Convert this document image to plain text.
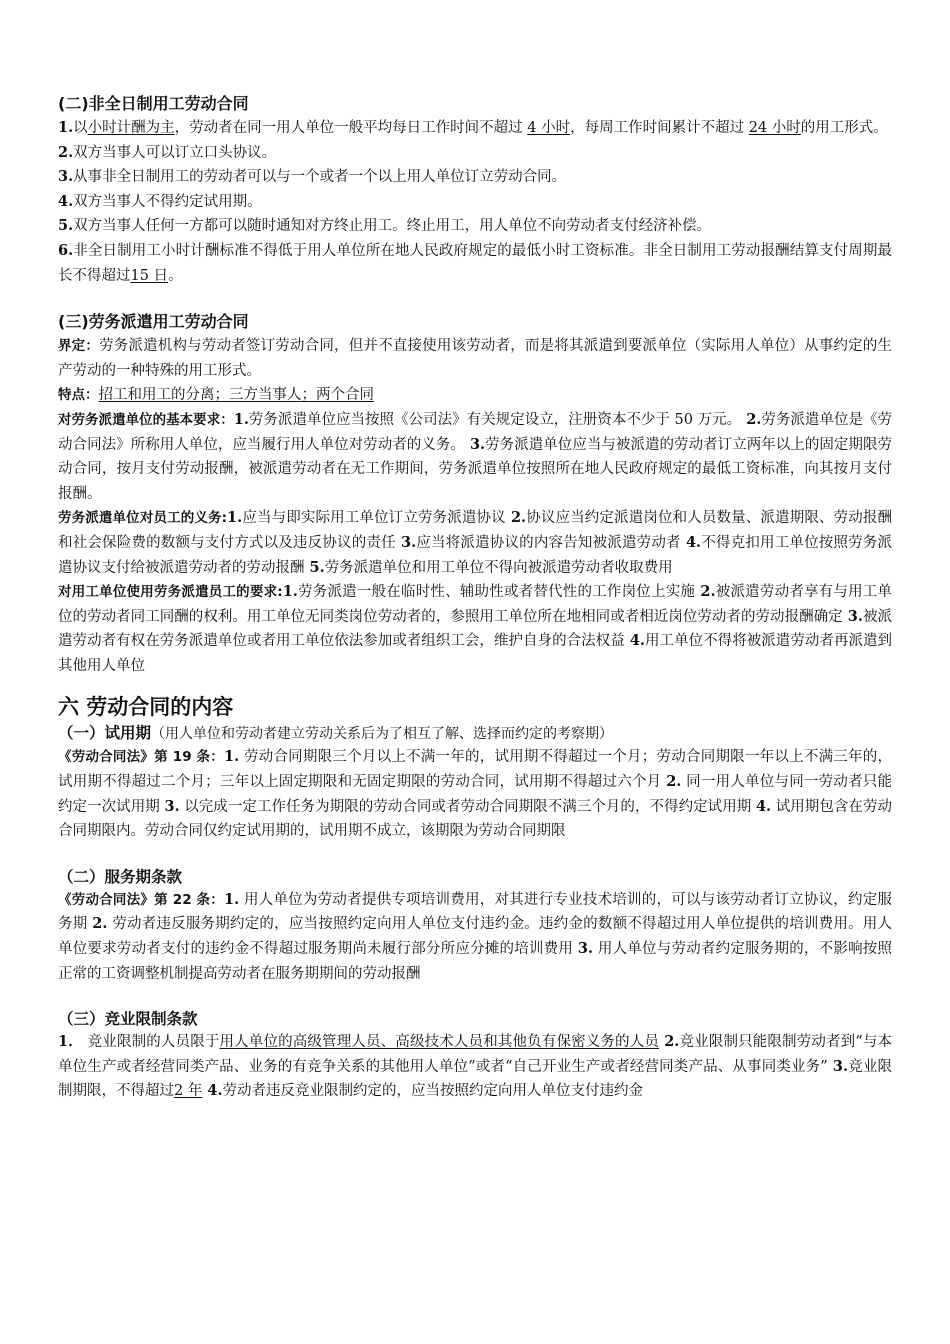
(二)非全日制用工劳动合同

1.以小时计酬为主，劳动者在同一用人单位一般平均每日工作时间不超过 4 小时，每周工作时间累计不超过 24 小时的用工形式。

2.双方当事人可以订立口头协议。

3.从事非全日制用工的劳动者可以与一个或者一个以上用人单位订立劳动合同。

4.双方当事人不得约定试用期。

5.双方当事人任何一方都可以随时通知对方终止用工。终止用工，用人单位不向劳动者支付经济补偿。

6.非全日制用工小时计酬标准不得低于用人单位所在地人民政府规定的最低小时工资标准。非全日制用工劳动报酬结算支付周期最长不得超过15 日。

(三)劳务派遣用工劳动合同

界定：劳务派遣机构与劳动者签订劳动合同，但并不直接使用该劳动者，而是将其派遣到要派单位（实际用人单位）从事约定的生产劳动的一种特殊的用工形式。

特点：招工和用工的分离；三方当事人；两个合同

对劳务派遣单位的基本要求：1.劳务派遣单位应当按照《公司法》有关规定设立，注册资本不少于 50 万元。 2.劳务派遣单位是《劳动合同法》所称用人单位，应当履行用人单位对劳动者的义务。 3.劳务派遣单位应当与被派遣的劳动者订立两年以上的固定期限劳动合同，按月支付劳动报酬，被派遣劳动者在无工作期间，劳务派遣单位按照所在地人民政府规定的最低工资标准，向其按月支付报酬。

劳务派遣单位对员工的义务:1.应当与即实际用工单位订立劳务派遣协议 2.协议应当约定派遣岗位和人员数量、派遣期限、劳动报酬和社会保险费的数额与支付方式以及违反协议的责任 3.应当将派遣协议的内容告知被派遣劳动者 4.不得克扣用工单位按照劳务派遣协议支付给被派遣劳动者的劳动报酬 5.劳务派遣单位和用工单位不得向被派遣劳动者收取费用

对用工单位使用劳务派遣员工的要求:1.劳务派遣一般在临时性、辅助性或者替代性的工作岗位上实施 2.被派遣劳动者享有与用工单位的劳动者同工同酬的权利。用工单位无同类岗位劳动者的，参照用工单位所在地相同或者相近岗位劳动者的劳动报酬确定 3.被派遣劳动者有权在劳务派遣单位或者用工单位依法参加或者组织工会，维护自身的合法权益 4.用工单位不得将被派遣劳动者再派遣到其他用人单位

六 劳动合同的内容
（一）试用期（用人单位和劳动者建立劳动关系后为了相互了解、选择而约定的考察期）

《劳动合同法》第 19 条：1. 劳动合同期限三个月以上不满一年的，试用期不得超过一个月；劳动合同期限一年以上不满三年的，试用期不得超过二个月；三年以上固定期限和无固定期限的劳动合同，试用期不得超过六个月 2. 同一用人单位与同一劳动者只能约定一次试用期 3. 以完成一定工作任务为期限的劳动合同或者劳动合同期限不满三个月的，不得约定试用期 4. 试用期包含在劳动合同期限内。劳动合同仅约定试用期的，试用期不成立，该期限为劳动合同期限

（二）服务期条款

《劳动合同法》第 22 条：1. 用人单位为劳动者提供专项培训费用，对其进行专业技术培训的，可以与该劳动者订立协议，约定服务期 2. 劳动者违反服务期约定的，应当按照约定向用人单位支付违约金。违约金的数额不得超过用人单位提供的培训费用。用人单位要求劳动者支付的违约金不得超过服务期尚未履行部分所应分摊的培训费用 3. 用人单位与劳动者约定服务期的，不影响按照正常的工资调整机制提高劳动者在服务期期间的劳动报酬

（三）竞业限制条款

1． 竞业限制的人员限于用人单位的高级管理人员、高级技术人员和其他负有保密义务的人员 2.竞业限制只能限制劳动者到“与本单位生产或者经营同类产品、业务的有竞争关系的其他用人单位”或者“自己开业生产或者经营同类产品、从事同类业务” 3.竞业限制期限，不得超过2 年 4.劳动者违反竞业限制约定的，应当按照约定向用人单位支付违约金
